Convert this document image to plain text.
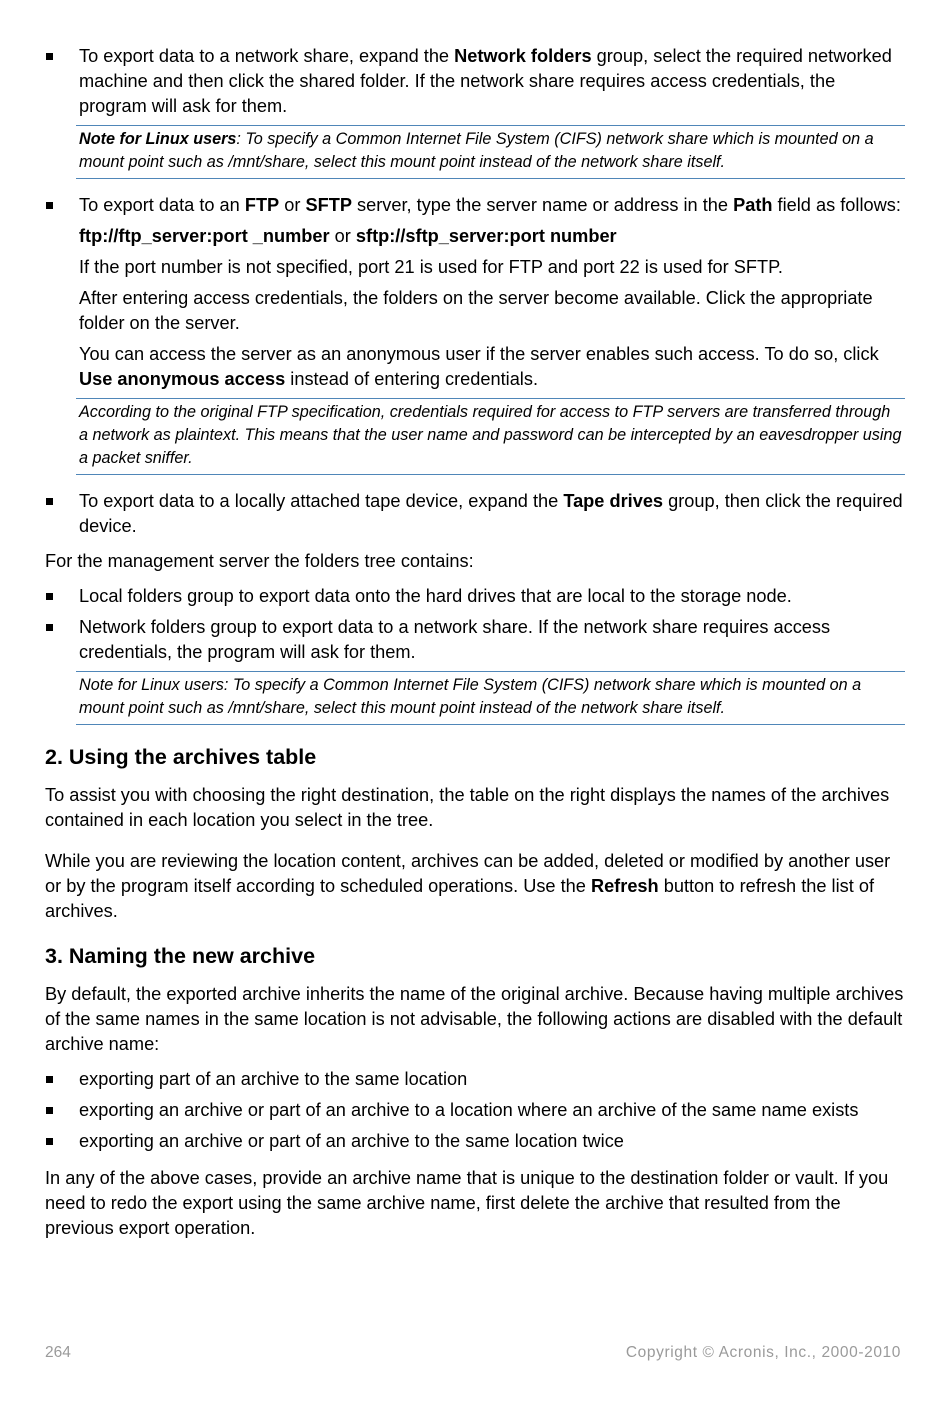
To export data to a network share, expand the Network folders group, select the required networked machine and then click the shared folder. If the network share requires access credentials, the program will ask for them.
Note for Linux users: To specify a Common Internet File System (CIFS) network share which is mounted on a mount point such as /mnt/share, select this mount point instead of the network share itself.
To export data to an FTP or SFTP server, type the server name or address in the Path field as follows:
ftp://ftp_server:port _number or sftp://sftp_server:port number
If the port number is not specified, port 21 is used for FTP and port 22 is used for SFTP.
After entering access credentials, the folders on the server become available. Click the appropriate folder on the server.
You can access the server as an anonymous user if the server enables such access. To do so, click Use anonymous access instead of entering credentials.
According to the original FTP specification, credentials required for access to FTP servers are transferred through a network as plaintext. This means that the user name and password can be intercepted by an eavesdropper using a packet sniffer.
To export data to a locally attached tape device, expand the Tape drives group, then click the required device.
For the management server the folders tree contains:
Local folders group to export data onto the hard drives that are local to the storage node.
Network folders group to export data to a network share. If the network share requires access credentials, the program will ask for them.
Note for Linux users: To specify a Common Internet File System (CIFS) network share which is mounted on a mount point such as /mnt/share, select this mount point instead of the network share itself.
2. Using the archives table
To assist you with choosing the right destination, the table on the right displays the names of the archives contained in each location you select in the tree.
While you are reviewing the location content, archives can be added, deleted or modified by another user or by the program itself according to scheduled operations. Use the Refresh button to refresh the list of archives.
3. Naming the new archive
By default, the exported archive inherits the name of the original archive. Because having multiple archives of the same names in the same location is not advisable, the following actions are disabled with the default archive name:
exporting part of an archive to the same location
exporting an archive or part of an archive to a location where an archive of the same name exists
exporting an archive or part of an archive to the same location twice
In any of the above cases, provide an archive name that is unique to the destination folder or vault. If you need to redo the export using the same archive name, first delete the archive that resulted from the previous export operation.
264	Copyright © Acronis, Inc., 2000-2010
